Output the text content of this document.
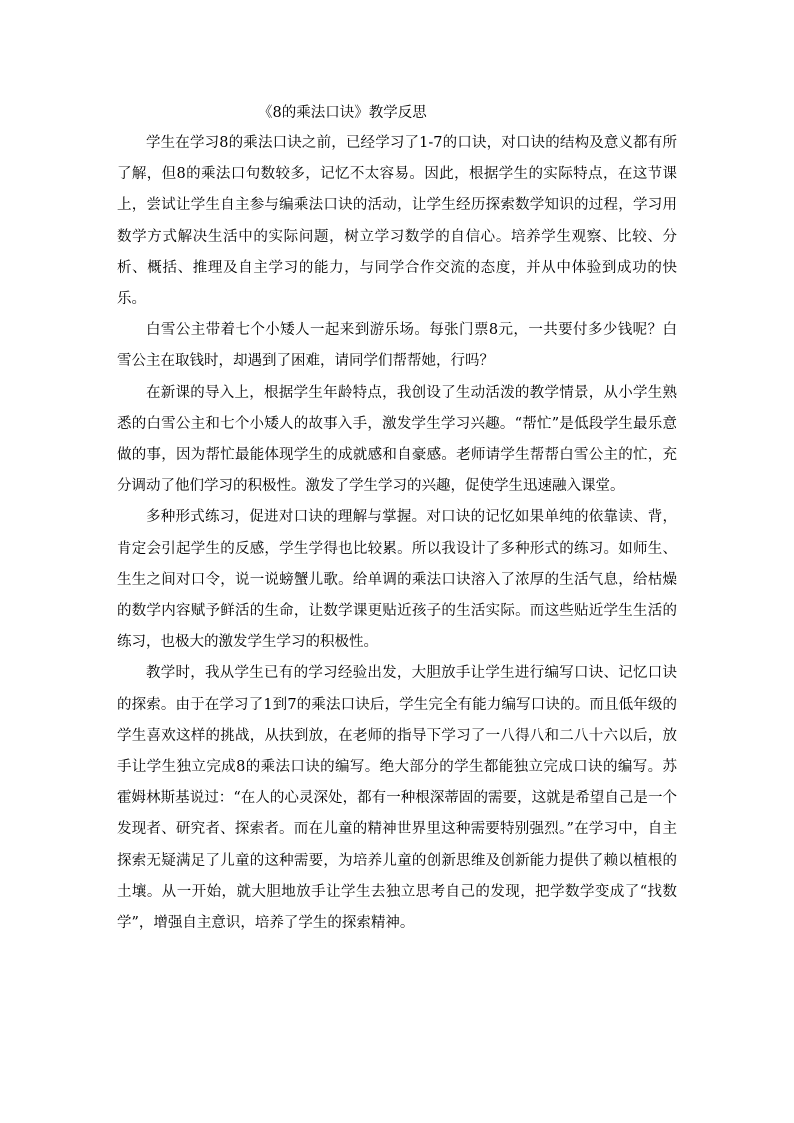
《8的乘法口诀》教学反思

学生在学习8的乘法口诀之前，已经学习了1-7的口诀，对口诀的结构及意义都有所了解，但8的乘法口句数较多，记忆不太容易。因此，根据学生的实际特点，在这节课上，尝试让学生自主参与编乘法口诀的活动，让学生经历探索数学知识的过程，学习用数学方式解决生活中的实际问题，树立学习数学的自信心。培养学生观察、比较、分析、概括、推理及自主学习的能力，与同学合作交流的态度，并从中体验到成功的快乐。

白雪公主带着七个小矮人一起来到游乐场。每张门票8元，一共要付多少钱呢？白雪公主在取钱时，却遇到了困难，请同学们帮帮她，行吗？

在新课的导入上，根据学生年龄特点，我创设了生动活泼的教学情景，从小学生熟悉的白雪公主和七个小矮人的故事入手，激发学生学习兴趣。“帮忙”是低段学生最乐意做的事，因为帮忙最能体现学生的成就感和自豪感。老师请学生帮帮白雪公主的忙，充分调动了他们学习的积极性。激发了学生学习的兴趣，促使学生迅速融入课堂。

多种形式练习，促进对口诀的理解与掌握。对口诀的记忆如果单纯的依靠读、背，肯定会引起学生的反感，学生学得也比较累。所以我设计了多种形式的练习。如师生、生生之间对口令，说一说螃蟹儿歌。给单调的乘法口诀溶入了浓厚的生活气息，给枯燥的数学内容赋予鲜活的生命，让数学课更贴近孩子的生活实际。而这些贴近学生生活的练习，也极大的激发学生学习的积极性。

教学时，我从学生已有的学习经验出发，大胆放手让学生进行编写口诀、记忆口诀的探索。由于在学习了1到7的乘法口诀后，学生完全有能力编写口诀的。而且低年级的学生喜欢这样的挑战，从扶到放，在老师的指导下学习了一八得八和二八十六以后，放手让学生独立完成8的乘法口诀的编写。绝大部分的学生都能独立完成口诀的编写。苏霍姆林斯基说过：“在人的心灵深处，都有一种根深蒂固的需要，这就是希望自己是一个发现者、研究者、探索者。而在儿童的精神世界里这种需要特别强烈。”在学习中，自主探索无疑满足了儿童的这种需要，为培养儿童的创新思维及创新能力提供了赖以植根的土壤。从一开始，就大胆地放手让学生去独立思考自己的发现，把学数学变成了“找数学”，增强自主意识，培养了学生的探索精神。
